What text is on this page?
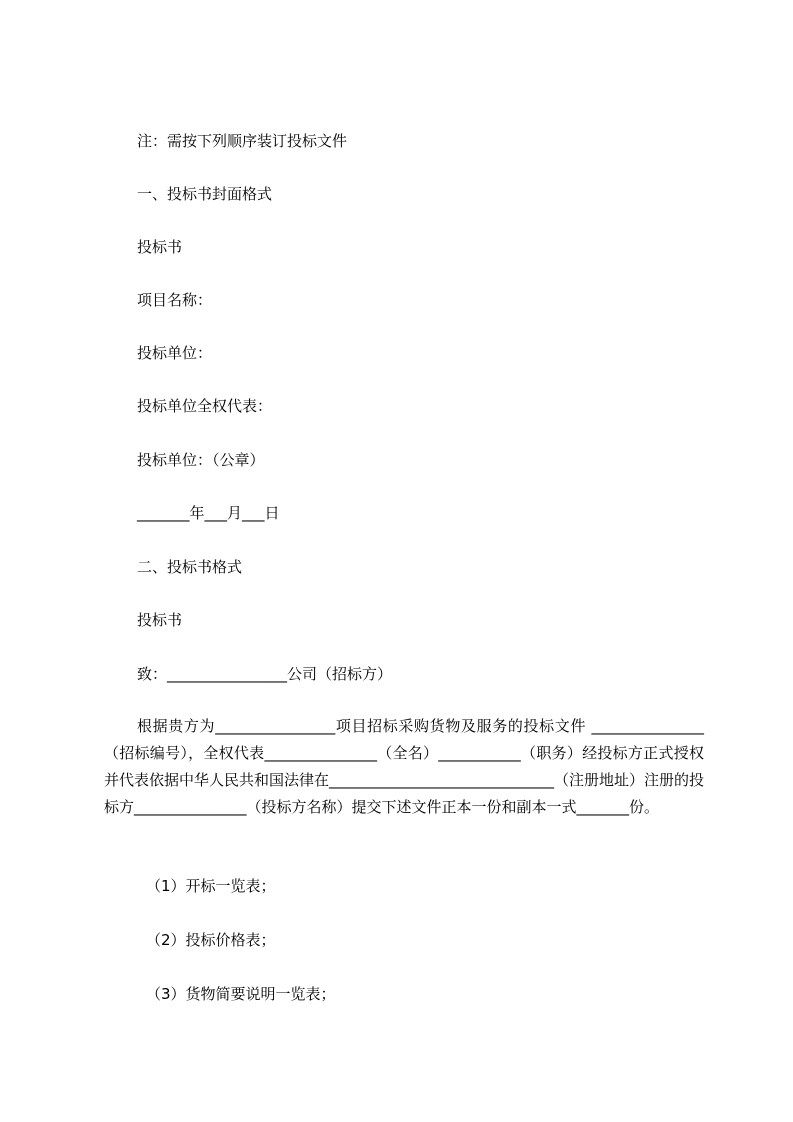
注：需按下列顺序装订投标文件
一、投标书封面格式
投标书
项目名称：
投标单位：
投标单位全权代表：
投标单位：（公章）
_______年___月___日
二、投标书格式
投标书
致：________________公司（招标方）
根据贵方为________________项目招标采购货物及服务的投标文件 _______________（招标编号），全权代表_______________（全名）___________（职务）经投标方正式授权并代表依据中华人民共和国法律在______________________________（注册地址）注册的投标方_______________（投标方名称）提交下述文件正本一份和副本一式_______份。
（1）开标一览表；
（2）投标价格表；
（3）货物简要说明一览表；
